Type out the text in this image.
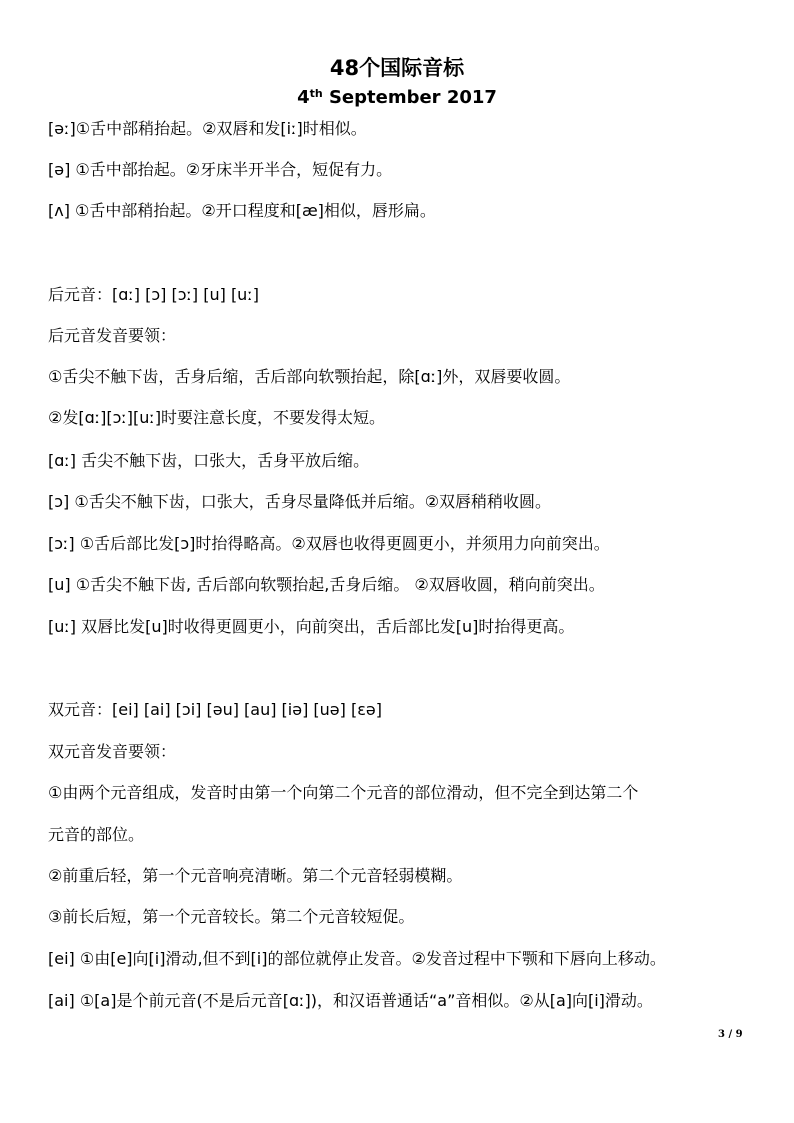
48个国际音标
4th September 2017
[əː]①舌中部稍抬起。②双唇和发[iː]时相似。
[ə] ①舌中部抬起。②牙床半开半合，短促有力。
[ʌ] ①舌中部稍抬起。②开口程度和[æ]相似，唇形扁。
后元音：[ɑː] [ɔ] [ɔː] [u] [uː]
后元音发音要领：
①舌尖不触下齿，舌身后缩，舌后部向软颚抬起，除[ɑː]外，双唇要收圆。
②发[ɑː][ɔː][uː]时要注意长度，不要发得太短。
[ɑː] 舌尖不触下齿，口张大，舌身平放后缩。
[ɔ] ①舌尖不触下齿，口张大，舌身尽量降低并后缩。②双唇稍稍收圆。
[ɔː] ①舌后部比发[ɔ]时抬得略高。②双唇也收得更圆更小，并须用力向前突出。
[u] ①舌尖不触下齿, 舌后部向软颚抬起,舌身后缩。 ②双唇收圆，稍向前突出。
[uː] 双唇比发[u]时收得更圆更小，向前突出，舌后部比发[u]时抬得更高。
双元音：[ei] [ai] [ɔi] [əu] [au] [iə] [uə] [ɛə]
双元音发音要领：
①由两个元音组成，发音时由第一个向第二个元音的部位滑动，但不完全到达第二个
元音的部位。
②前重后轻，第一个元音响亮清晰。第二个元音轻弱模糊。
③前长后短，第一个元音较长。第二个元音较短促。
[ei] ①由[e]向[i]滑动,但不到[i]的部位就停止发音。②发音过程中下颚和下唇向上移动。
[ai] ①[a]是个前元音(不是后元音[ɑː])，和汉语普通话“a”音相似。②从[a]向[i]滑动。
3 / 9
